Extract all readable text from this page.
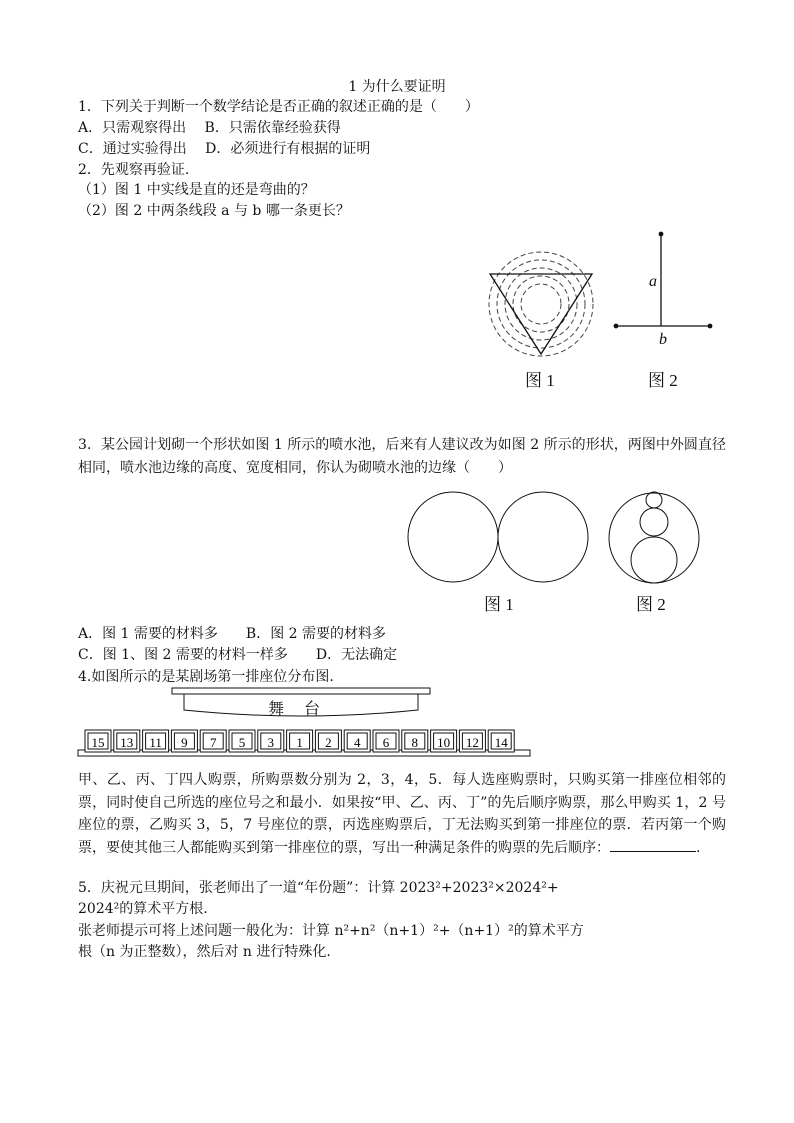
1 为什么要证明
1．下列关于判断一个数学结论是否正确的叙述正确的是（　　）
A．只需观察得出　 B．只需依靠经验获得
C．通过实验得出　 D．必须进行有根据的证明
2．先观察再验证.
（1）图 1 中实线是直的还是弯曲的？
（2）图 2 中两条线段 a 与 b 哪一条更长？
图 1
a
b
图 2
3．某公园计划砌一个形状如图 1 所示的喷水池，后来有人建议改为如图 2 所示的形状，两图中外圆直径相同，喷水池边缘的高度、宽度相同，你认为砌喷水池的边缘（　　）
图 1	图 2
A．图 1 需要的材料多　　B．图 2 需要的材料多
C．图 1、图 2 需要的材料一样多　　D．无法确定
4.如图所示的是某剧场第一排座位分布图.
舞　台
15 13 11 9 7 5 3 1 2 4 6 8 10 12 14
甲、乙、丙、丁四人购票，所购票数分别为 2，3，4，5．每人选座购票时，只购买第一排座位相邻的票，同时使自己所选的座位号之和最小．如果按“甲、乙、丙、丁”的先后顺序购票，那么甲购买 1，2 号座位的票，乙购买 3，5，7 号座位的票，丙选座购票后，丁无法购买到第一排座位的票．若丙第一个购票，要使其他三人都能购买到第一排座位的票，写出一种满足条件的购票的先后顺序：	.
5．庆祝元旦期间，张老师出了一道“年份题”：计算 2023²+2023²×2024²+
2024²的算术平方根.
张老师提示可将上述问题一般化为：计算 n²+n²（n+1）²+（n+1）²的算术平方
根（n 为正整数），然后对 n 进行特殊化.
